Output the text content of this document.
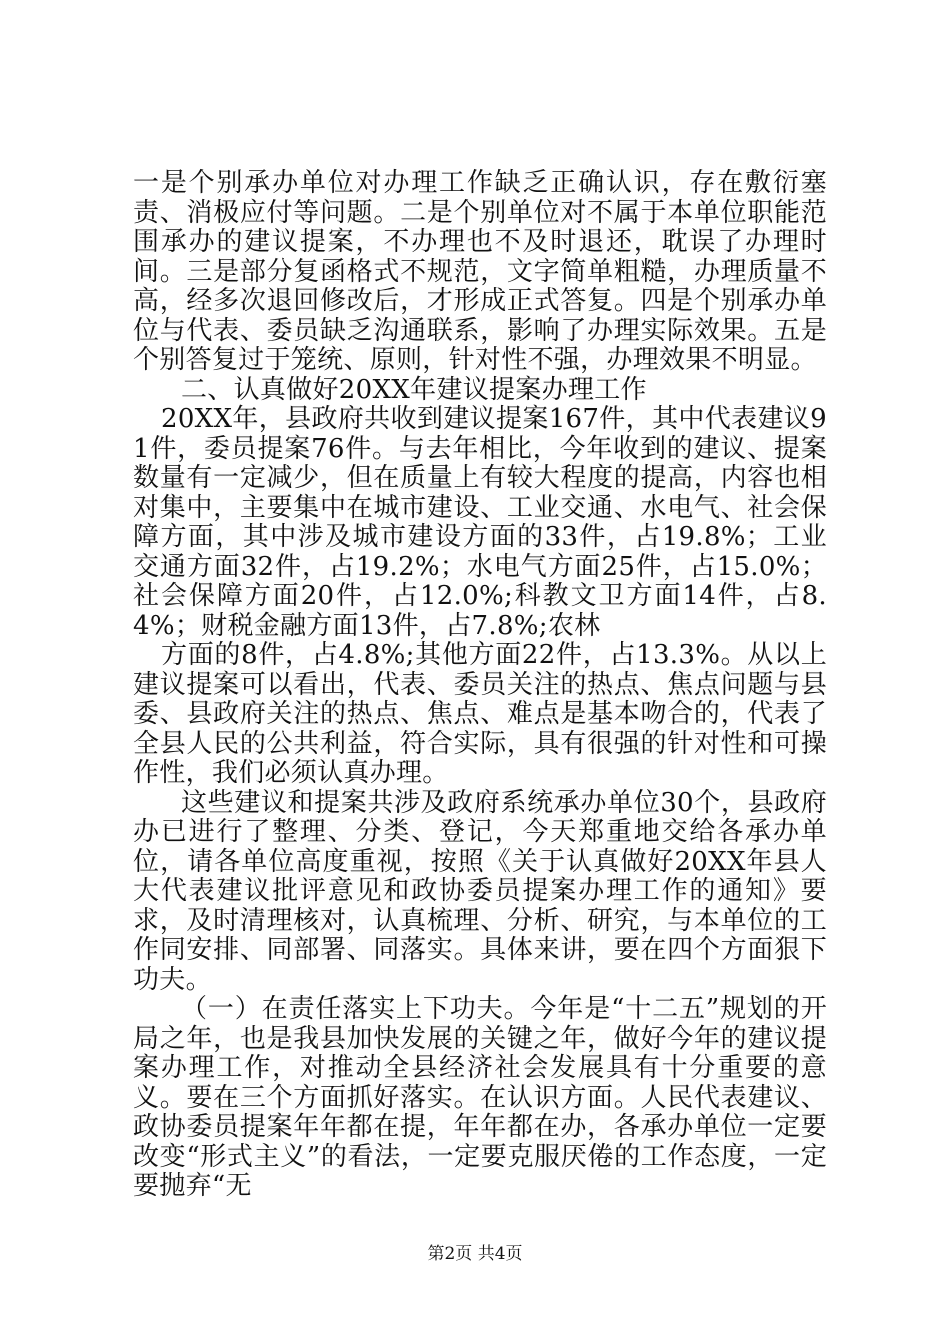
一是个别承办单位对办理工作缺乏正确认识，存在敷衍塞责、消极应付等问题。二是个别单位对不属于本单位职能范围承办的建议提案，不办理也不及时退还，耽误了办理时间。三是部分复函格式不规范，文字简单粗糙，办理质量不高，经多次退回修改后，才形成正式答复。四是个别承办单位与代表、委员缺乏沟通联系，影响了办理实际效果。五是个别答复过于笼统、原则，针对性不强，办理效果不明显。

二、认真做好20XX年建议提案办理工作

20XX年，县政府共收到建议提案167件，其中代表建议91件，委员提案76件。与去年相比，今年收到的建议、提案数量有一定减少，但在质量上有较大程度的提高，内容也相对集中，主要集中在城市建设、工业交通、水电气、社会保障方面，其中涉及城市建设方面的33件，占19.8%；工业交通方面32件，占19.2%；水电气方面25件，占15.0%；社会保障方面20件，占12.0%;科教文卫方面14件，占8.4%；财税金融方面13件，占7.8%;农林

方面的8件，占4.8%;其他方面22件，占13.3%。从以上建议提案可以看出，代表、委员关注的热点、焦点问题与县委、县政府关注的热点、焦点、难点是基本吻合的，代表了全县人民的公共利益，符合实际，具有很强的针对性和可操作性，我们必须认真办理。

这些建议和提案共涉及政府系统承办单位30个，县政府办已进行了整理、分类、登记，今天郑重地交给各承办单位，请各单位高度重视，按照《关于认真做好20XX年县人大代表建议批评意见和政协委员提案办理工作的通知》要求，及时清理核对，认真梳理、分析、研究，与本单位的工作同安排、同部署、同落实。具体来讲，要在四个方面狠下功夫。

（一）在责任落实上下功夫。今年是“十二五”规划的开局之年，也是我县加快发展的关键之年，做好今年的建议提案办理工作，对推动全县经济社会发展具有十分重要的意义。要在三个方面抓好落实。在认识方面。人民代表建议、政协委员提案年年都在提，年年都在办，各承办单位一定要改变“形式主义”的看法，一定要克服厌倦的工作态度，一定要抛弃“无

第2页 共4页
